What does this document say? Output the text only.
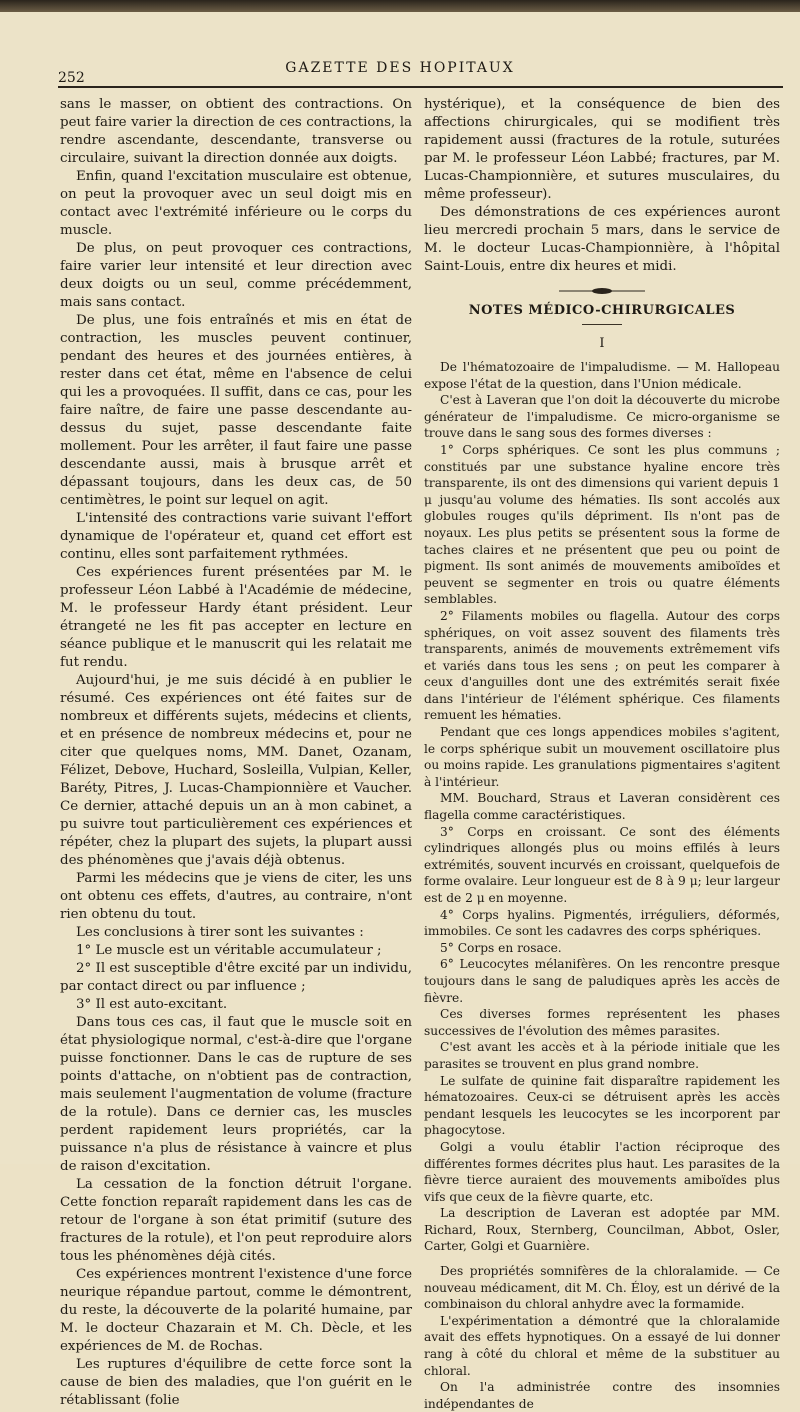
252
GAZETTE DES HOPITAUX

sans le masser, on obtient des contractions. On peut faire varier la direction de ces contractions, la rendre ascendante, descendante, transverse ou circulaire, suivant la direction donnée aux doigts.

Enfin, quand l'excitation musculaire est obtenue, on peut la provoquer avec un seul doigt mis en contact avec l'extrémité inférieure ou le corps du muscle.

De plus, on peut provoquer ces contractions, faire varier leur intensité et leur direction avec deux doigts ou un seul, comme précédemment, mais sans contact.

De plus, une fois entraînés et mis en état de contraction, les muscles peuvent continuer, pendant des heures et des journées entières, à rester dans cet état, même en l'absence de celui qui les a provoquées. Il suffit, dans ce cas, pour les faire naître, de faire une passe descendante au-dessus du sujet, passe descendante faite mollement. Pour les arrêter, il faut faire une passe descendante aussi, mais à brusque arrêt et dépassant toujours, dans les deux cas, de 50 centimètres, le point sur lequel on agit.

L'intensité des contractions varie suivant l'effort dynamique de l'opérateur et, quand cet effort est continu, elles sont parfaitement rythmées.

Ces expériences furent présentées par M. le professeur Léon Labbé à l'Académie de médecine, M. le professeur Hardy étant président. Leur étrangeté ne les fit pas accepter en lecture en séance publique et le manuscrit qui les relatait me fut rendu.

Aujourd'hui, je me suis décidé à en publier le résumé. Ces expériences ont été faites sur de nombreux et différents sujets, médecins et clients, et en présence de nombreux médecins et, pour ne citer que quelques noms, MM. Danet, Ozanam, Félizet, Debove, Huchard, Sosleilla, Vulpian, Keller, Baréty, Pitres, J. Lucas-Championnière et Vaucher. Ce dernier, attaché depuis un an à mon cabinet, a pu suivre tout particulièrement ces expériences et répéter, chez la plupart des sujets, la plupart aussi des phénomènes que j'avais déjà obtenus.

Parmi les médecins que je viens de citer, les uns ont obtenu ces effets, d'autres, au contraire, n'ont rien obtenu du tout.

Les conclusions à tirer sont les suivantes :

1° Le muscle est un véritable accumulateur ;

2° Il est susceptible d'être excité par un individu, par contact direct ou par influence ;

3° Il est auto-excitant.

Dans tous ces cas, il faut que le muscle soit en état physiologique normal, c'est-à-dire que l'organe puisse fonctionner. Dans le cas de rupture de ses points d'attache, on n'obtient pas de contraction, mais seulement l'augmentation de volume (fracture de la rotule). Dans ce dernier cas, les muscles perdent rapidement leurs propriétés, car la puissance n'a plus de résistance à vaincre et plus de raison d'excitation.

La cessation de la fonction détruit l'organe. Cette fonction reparaît rapidement dans les cas de retour de l'organe à son état primitif (suture des fractures de la rotule), et l'on peut reproduire alors tous les phénomènes déjà cités.

Ces expériences montrent l'existence d'une force neurique répandue partout, comme le démontrent, du reste, la découverte de la polarité humaine, par M. le docteur Chazarain et M. Ch. Dècle, et les expériences de M. de Rochas.

Les ruptures d'équilibre de cette force sont la cause de bien des maladies, que l'on guérit en le rétablissant (folie

hystérique), et la conséquence de bien des affections chirurgicales, qui se modifient très rapidement aussi (fractures de la rotule, suturées par M. le professeur Léon Labbé; fractures, par M. Lucas-Championnière, et sutures musculaires, du même professeur).

Des démonstrations de ces expériences auront lieu mercredi prochain 5 mars, dans le service de M. le docteur Lucas-Championnière, à l'hôpital Saint-Louis, entre dix heures et midi.

NOTES MÉDICO-CHIRURGICALES
I

De l'hématozoaire de l'impaludisme. — M. Hallopeau expose l'état de la question, dans l'Union médicale.

C'est à Laveran que l'on doit la découverte du microbe générateur de l'impaludisme. Ce micro-organisme se trouve dans le sang sous des formes diverses :

1° Corps sphériques. Ce sont les plus communs ; constitués par une substance hyaline encore très transparente, ils ont des dimensions qui varient depuis 1 μ jusqu'au volume des hématies. Ils sont accolés aux globules rouges qu'ils dépriment. Ils n'ont pas de noyaux. Les plus petits se présentent sous la forme de taches claires et ne présentent que peu ou point de pigment. Ils sont animés de mouvements amiboïdes et peuvent se segmenter en trois ou quatre éléments semblables.

2° Filaments mobiles ou flagella. Autour des corps sphériques, on voit assez souvent des filaments très transparents, animés de mouvements extrêmement vifs et variés dans tous les sens ; on peut les comparer à ceux d'anguilles dont une des extrémités serait fixée dans l'intérieur de l'élément sphérique. Ces filaments remuent les hématies.

Pendant que ces longs appendices mobiles s'agitent, le corps sphérique subit un mouvement oscillatoire plus ou moins rapide. Les granulations pigmentaires s'agitent à l'intérieur.

MM. Bouchard, Straus et Laveran considèrent ces flagella comme caractéristiques.

3° Corps en croissant. Ce sont des éléments cylindriques allongés plus ou moins effilés à leurs extrémités, souvent incurvés en croissant, quelquefois de forme ovalaire. Leur longueur est de 8 à 9 μ; leur largeur est de 2 μ en moyenne.

4° Corps hyalins. Pigmentés, irréguliers, déformés, immobiles. Ce sont les cadavres des corps sphériques.

5° Corps en rosace.

6° Leucocytes mélanifères. On les rencontre presque toujours dans le sang de paludiques après les accès de fièvre.

Ces diverses formes représentent les phases successives de l'évolution des mêmes parasites.

C'est avant les accès et à la période initiale que les parasites se trouvent en plus grand nombre.

Le sulfate de quinine fait disparaître rapidement les hématozoaires. Ceux-ci se détruisent après les accès pendant lesquels les leucocytes se les incorporent par phagocytose.

Golgi a voulu établir l'action réciproque des différentes formes décrites plus haut. Les parasites de la fièvre tierce auraient des mouvements amiboïdes plus vifs que ceux de la fièvre quarte, etc.

La description de Laveran est adoptée par MM. Richard, Roux, Sternberg, Councilman, Abbot, Osler, Carter, Golgi et Guarnière.

Des propriétés somnifères de la chloralamide. — Ce nouveau médicament, dit M. Ch. Éloy, est un dérivé de la combinaison du chloral anhydre avec la formamide.

L'expérimentation a démontré que la chloralamide avait des effets hypnotiques. On a essayé de lui donner rang à côté du chloral et même de la substituer au chloral.

On l'a administrée contre des insomnies indépendantes de
